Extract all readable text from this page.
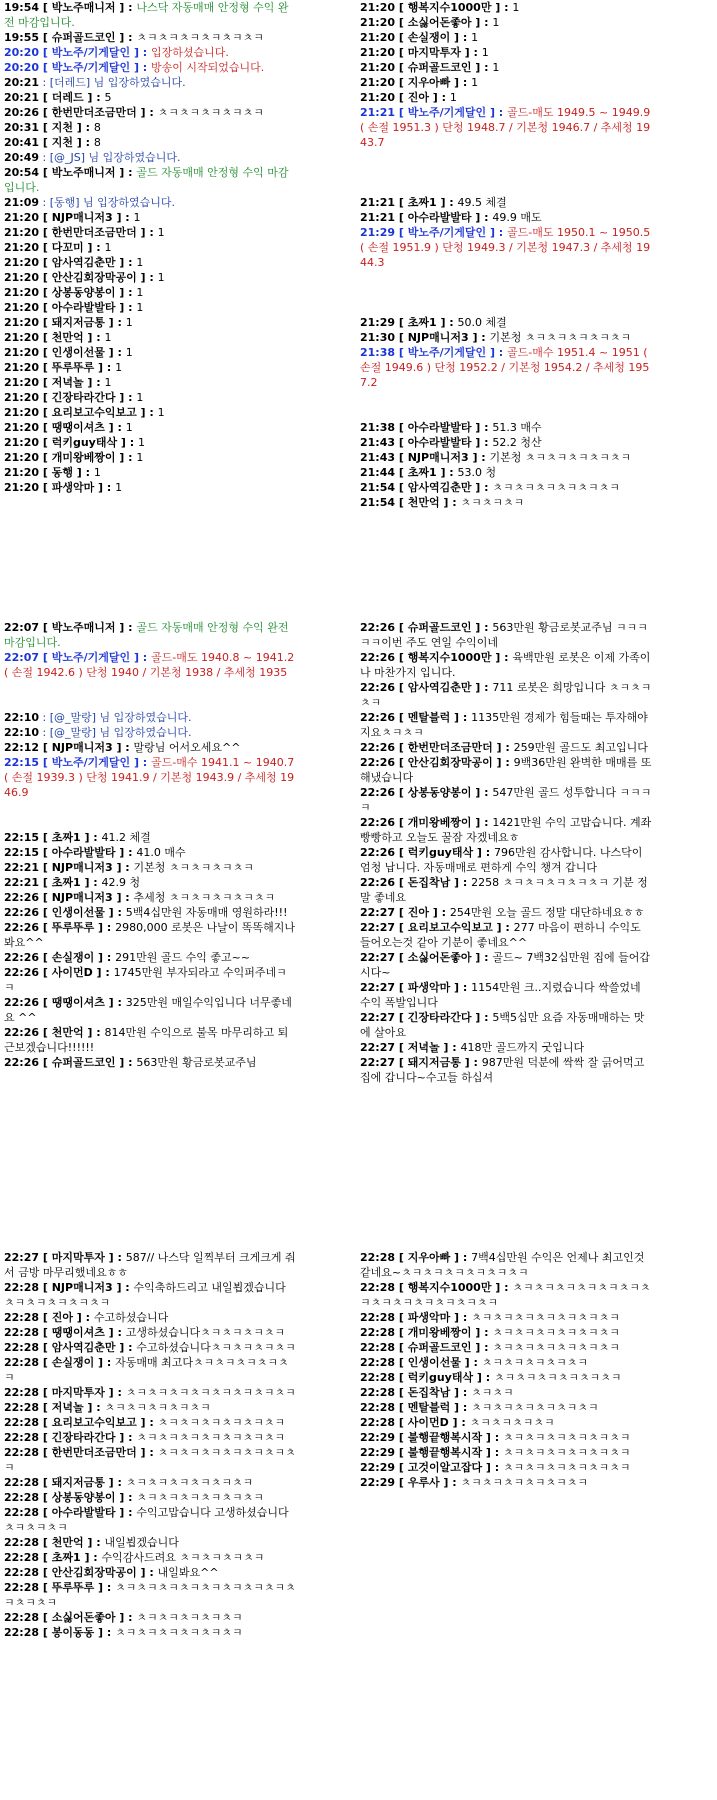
19:54 [ 박노주매니저 ] : 나스닥 자동매매 안정형 수익 완전 마감입니다.
19:55 [ 슈퍼골드코인 ] : ㅊㅋㅊㅋㅊㅋㅊㅋㅊㅋㅊㅋ
20:20 [ 박노주/기게달인 ] : 입장하셨습니다.
20:20 [ 박노주/기게달인 ] : 방송이 시작되었습니다.
20:21 : [더레드] 님 입장하였습니다.
20:21 [ 더레드 ] : 5
20:26 [ 한번만더조금만더 ] : ㅊㅋㅊㅋㅊㅋㅊㅋㅊㅋ
20:31 [ 지천 ] : 8
20:41 [ 지천 ] : 8
20:49 : [@_JS] 님 입장하였습니다.
20:54 [ 박노주매니저 ] : 골드 자동매매 안정형 수익 마감입니다.
21:09 : [동행] 님 입장하였습니다.
21:20 [ NJP매니저3 ] : 1
21:20 [ 한번만더조금만더 ] : 1
21:20 [ 다꼬미 ] : 1
21:20 [ 암사역김춘만 ] : 1
21:20 [ 안산김회장막공이 ] : 1
21:20 [ 상봉동양봉이 ] : 1
21:20 [ 아수라발발타 ] : 1
21:20 [ 돼지저금통 ] : 1
21:20 [ 천만억 ] : 1
21:20 [ 인생이선물 ] : 1
21:20 [ 뚜루뚜루 ] : 1
21:20 [ 저녁놀 ] : 1
21:20 [ 긴장타라간다 ] : 1
21:20 [ 요리보고수익보고 ] : 1
21:20 [ 땡땡이셔츠 ] : 1
21:20 [ 럭키guy태삭 ] : 1
21:20 [ 개미왕베짱이 ] : 1
21:20 [ 동행 ] : 1
21:20 [ 파생악마 ] : 1
21:20 [ 행복지수1000만 ] : 1
21:20 [ 소싫어돈좋아 ] : 1
21:20 [ 손실쟁이 ] : 1
21:20 [ 마지막투자 ] : 1
21:20 [ 슈퍼골드코인 ] : 1
21:20 [ 지우아빠 ] : 1
21:20 [ 진아 ] : 1
21:21 [ 박노주/기게달인 ] : 골드-매도 1949.5 ~ 1949.9 ( 손절 1951.3 ) 단청 1948.7 / 기본청 1946.7 / 추세청 1943.7
21:21 [ 초짜1 ] : 49.5 체결
21:21 [ 아수라발발타 ] : 49.9 매도
21:29 [ 박노주/기게달인 ] : 골드-매도 1950.1 ~ 1950.5 ( 손절 1951.9 ) 단청 1949.3 / 기본청 1947.3 / 추세청 1944.3
21:29 [ 초짜1 ] : 50.0 체결
21:30 [ NJP매니저3 ] : 기본청 ㅊㅋㅊㅋㅊㅋㅊㅋㅊㅋ
21:38 [ 박노주/기게달인 ] : 골드-매수 1951.4 ~ 1951 ( 손절 1949.6 ) 단청 1952.2 / 기본청 1954.2 / 추세청 1957.2
21:38 [ 아수라발발타 ] : 51.3 매수
21:43 [ 아수라발발타 ] : 52.2 청산
21:43 [ NJP매니저3 ] : 기본청 ㅊㅋㅊㅋㅊㅋㅊㅋㅊㅋ
21:44 [ 초짜1 ] : 53.0 청
21:54 [ 암사역김춘만 ] : ㅊㅋㅊㅋㅊㅋㅊㅋㅊㅋㅊㅋ
21:54 [ 천만억 ] : ㅊㅋㅊㅋㅊㅋ
22:07 [ 박노주매니저 ] : 골드 자동매매 안정형 수익 완전 마감입니다.
22:07 [ 박노주/기게달인 ] : 골드-매도 1940.8 ~ 1941.2 ( 손절 1942.6 ) 단청 1940 / 기본청 1938 / 추세청 1935
22:10 : [@_말랑] 님 입장하였습니다.
22:10 : [@_말랑] 님 입장하였습니다.
22:12 [ NJP매니저3 ] : 말랑님 어서오세요^^
22:15 [ 박노주/기게달인 ] : 골드-매수 1941.1 ~ 1940.7 ( 손절 1939.3 ) 단청 1941.9 / 기본청 1943.9 / 추세청 1946.9
22:15 [ 초짜1 ] : 41.2 체결
22:15 [ 아수라발발타 ] : 41.0 매수
22:21 [ NJP매니저3 ] : 기본청 ㅊㅋㅊㅋㅊㅋㅊㅋ
22:21 [ 초짜1 ] : 42.9 청
22:26 [ NJP매니저3 ] : 추세청 ㅊㅋㅊㅋㅊㅋㅊㅋㅊㅋ
22:26 [ 인생이선물 ] : 5백4십만원 자동매매 영원하라!!!
22:26 [ 뚜루뚜루 ] : 2980,000 로봇은 나날이 똑똑해지나봐요^^
22:26 [ 손실쟁이 ] : 291만원 골드 수익 좋고~~
22:26 [ 사이먼D ] : 1745만원 부자되라고 수익퍼주네ㅋㅋ
22:26 [ 땡땡이셔츠 ] : 325만원 매일수익입니다 너무좋네요 ^^
22:26 [ 천만억 ] : 814만원 수익으로 불목 마무리하고 퇴근보겠습니다!!!!!!
22:26 [ 슈퍼골드코인 ] : 563만원 황금로봇교주님
22:26 [ 슈퍼골드코인 ] : 563만원 황금로봇교주님 ㅋㅋㅋㅋㅋ이번 주도 연일 수익이네
22:26 [ 행복지수1000만 ] : 육백만원 로봇은 이제 가족이나 마찬가지 입니다.
22:26 [ 암사역김춘만 ] : 711 로봇은 희망입니다 ㅊㅋㅊㅋㅊㅋ
22:26 [ 멘탈블럭 ] : 1135만원 경제가 힘들때는 투자해야지요ㅊㅋㅊㅋ
22:26 [ 한번만더조금만더 ] : 259만원 골드도 최고입니다
22:26 [ 안산김회장막공이 ] : 9백36만원 완벽한 매매를 또 해냈습니다
22:26 [ 상봉동양봉이 ] : 547만원 골드 성투합니다 ㅋㅋㅋㅋ
22:26 [ 개미왕베짱이 ] : 1421만원 수익 고맙습니다. 계좌 빵빵하고 오늘도 꿀잠 자겠네요ㅎ
22:26 [ 럭키guy태삭 ] : 796만원 감사합니다. 나스닥이 엄청 납니다. 자동매매로 편하게 수익 챙겨 갑니다
22:26 [ 돈집착남 ] : 2258 ㅊㅋㅊㅋㅊㅋㅊㅋㅊㅋ 기분 정말 좋네요
22:27 [ 진아 ] : 254만원 오늘 골드 정말 대단하네요ㅎㅎ
22:27 [ 요리보고수익보고 ] : 277 마음이 편하니 수익도 들어오는것 같아 기분이 좋네요^^
22:27 [ 소싫어돈좋아 ] : 골드~ 7백32십만원 집에 들어갑시다~
22:27 [ 파생악마 ] : 1154만원 크..지렸습니다 싹쓸었네 수익 폭발입니다
22:27 [ 긴장타라간다 ] : 5백5십만 요즘 자동매매하는 맛에 살아요
22:27 [ 저녁놀 ] : 418만 골드까지 굿입니다
22:27 [ 돼지저금통 ] : 987만원 덕분에 싹싹 잘 긁어먹고 집에 갑니다~수고들 하십셔
22:27 [ 마지막투자 ] : 587// 나스닥 일찍부터 크게크게 줘서 금방 마무리했네요ㅎㅎ
22:28 [ NJP매니저3 ] : 수익축하드리고 내일뵙겠습니다 ㅊㅋㅊㅋㅊㅋㅊㅋㅊㅋ
22:28 [ 진아 ] : 수고하셨습니다
22:28 [ 땡땡이셔츠 ] : 고생하셨습니다ㅊㅋㅊㅋㅊㅋㅊㅋ
22:28 [ 암사역김춘만 ] : 수고하셨습니다ㅊㅋㅊㅋㅊㅋㅊㅋ
22:28 [ 손실쟁이 ] : 자동매매 최고다ㅊㅋㅊㅋㅊㅋㅊㅋㅊㅋ
22:28 [ 마지막투자 ] : ㅊㅋㅊㅋㅊㅋㅊㅋㅊㅋㅊㅋㅊㅋㅊㅋ
22:28 [ 저녁놀 ] : ㅊㅋㅊㅋㅊㅋㅊㅋㅊㅋ
22:28 [ 요리보고수익보고 ] : ㅊㅋㅊㅋㅊㅋㅊㅋㅊㅋㅊㅋ
22:28 [ 긴장타라간다 ] : ㅊㅋㅊㅋㅊㅋㅊㅋㅊㅋㅊㅋㅊㅋ
22:28 [ 한번만더조금만더 ] : ㅊㅋㅊㅋㅊㅋㅊㅋㅊㅋㅊㅋㅊㅋ
22:28 [ 돼지저금통 ] : ㅊㅋㅊㅋㅊㅋㅊㅋㅊㅋㅊㅋ
22:28 [ 상봉동양봉이 ] : ㅊㅋㅊㅋㅊㅋㅊㅋㅊㅋㅊㅋ
22:28 [ 아수라발발타 ] : 수익고맙습니다 고생하셨습니다ㅊㅋㅊㅋㅊㅋ
22:28 [ 천만억 ] : 내일뵙겠습니다
22:28 [ 초짜1 ] : 수익감사드려요 ㅊㅋㅊㅋㅊㅋㅊㅋ
22:28 [ 안산김회장막공이 ] : 내일봐요^^
22:28 [ 뚜루뚜루 ] : ㅊㅋㅊㅋㅊㅋㅊㅋㅊㅋㅊㅋㅊㅋㅊㅋㅊㅋㅊㅋㅊㅋ
22:28 [ 소싫어돈좋아 ] : ㅊㅋㅊㅋㅊㅋㅊㅋㅊㅋ
22:28 [ 봉이동동 ] : ㅊㅋㅊㅋㅊㅋㅊㅋㅊㅋㅊㅋ
22:28 [ 지우아빠 ] : 7백4십만원 수익은 언제나 최고인것 같네요~ㅊㅋㅊㅋㅊㅋㅊㅋㅊㅋㅊㅋ
22:28 [ 행복지수1000만 ] : ㅊㅋㅊㅋㅊㅋㅊㅋㅊㅋㅊㅋㅊㅋㅊㅋㅊㅋㅊㅋㅊㅋㅊㅋㅊㅋ
22:28 [ 파생악마 ] : ㅊㅋㅊㅋㅊㅋㅊㅋㅊㅋㅊㅋㅊㅋ
22:28 [ 개미왕베짱이 ] : ㅊㅋㅊㅋㅊㅋㅊㅋㅊㅋㅊㅋ
22:28 [ 슈퍼골드코인 ] : ㅊㅋㅊㅋㅊㅋㅊㅋㅊㅋㅊㅋ
22:28 [ 인생이선물 ] : ㅊㅋㅊㅋㅊㅋㅊㅋㅊㅋ
22:28 [ 럭키guy태삭 ] : ㅊㅋㅊㅋㅊㅋㅊㅋㅊㅋㅊㅋ
22:28 [ 돈집착남 ] : ㅊㅋㅊㅋ
22:28 [ 멘탈블럭 ] : ㅊㅋㅊㅋㅊㅋㅊㅋㅊㅋㅊㅋ
22:28 [ 사이먼D ] : ㅊㅋㅊㅋㅊㅋㅊㅋ
22:29 [ 불행끝행복시작 ] : ㅊㅋㅊㅋㅊㅋㅊㅋㅊㅋㅊㅋ
22:29 [ 불행끝행복시작 ] : ㅊㅋㅊㅋㅊㅋㅊㅋㅊㅋㅊㅋ
22:29 [ 고것이알고잡다 ] : ㅊㅋㅊㅋㅊㅋㅊㅋㅊㅋㅊㅋ
22:29 [ 우루사 ] : ㅊㅋㅊㅋㅊㅋㅊㅋㅊㅋㅊㅋ
